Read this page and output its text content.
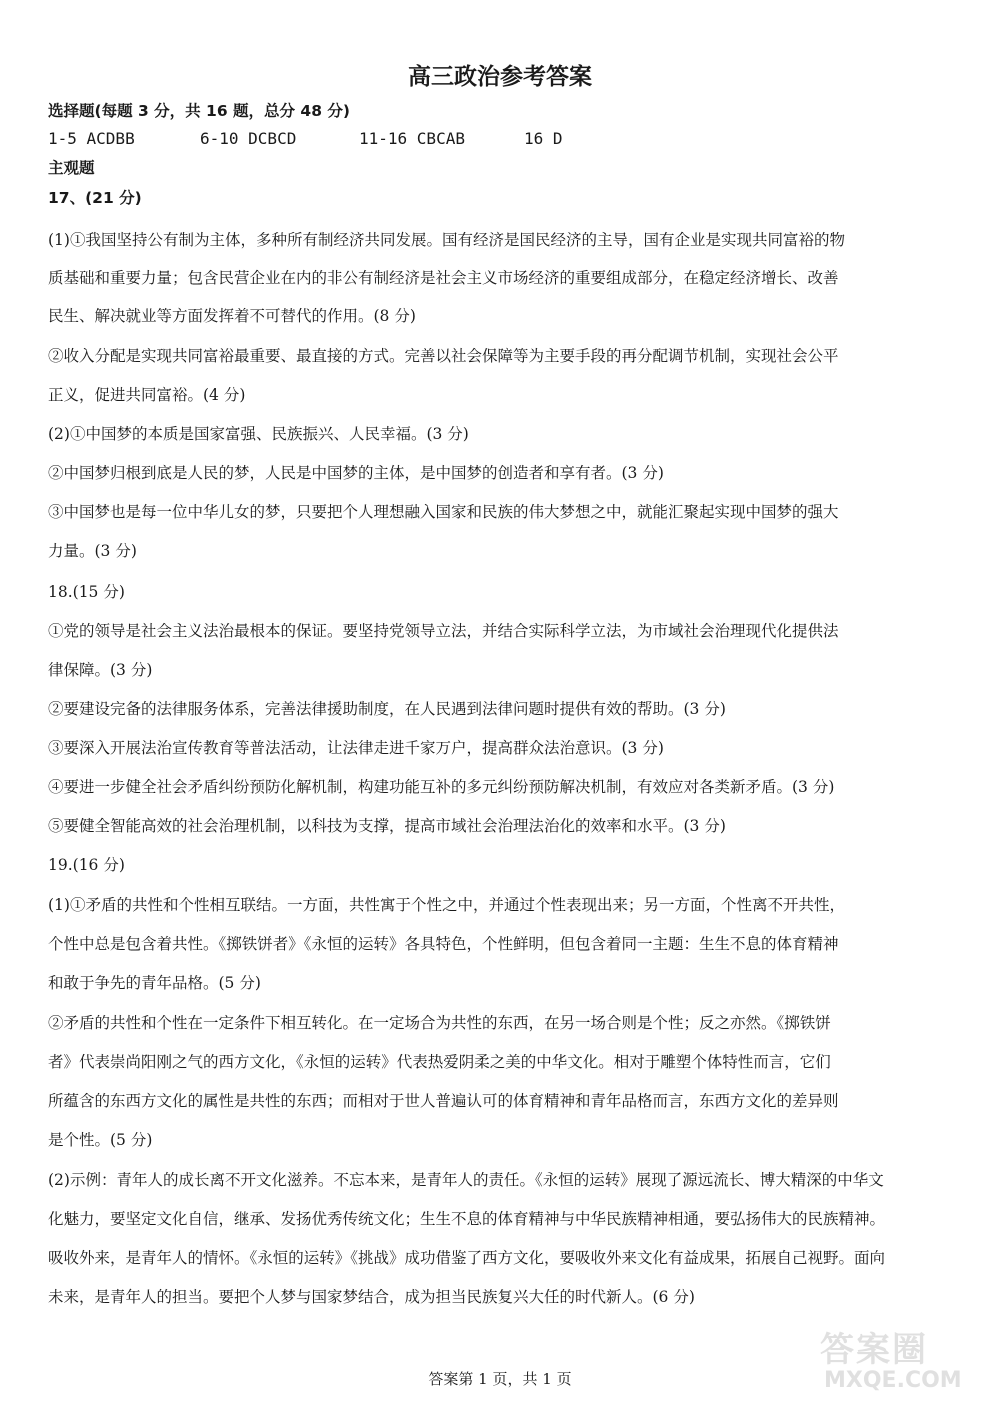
高三政治参考答案
选择题(每题 3 分，共 16 题，总分 48 分)
1-5 ACDBB	6-10 DCBCD	11-16 CBCAB	16 D
主观题
17、(21 分)
(1)①我国坚持公有制为主体，多种所有制经济共同发展。国有经济是国民经济的主导，国有企业是实现共同富裕的物
质基础和重要力量；包含民营企业在内的非公有制经济是社会主义市场经济的重要组成部分，在稳定经济增长、改善
民生、解决就业等方面发挥着不可替代的作用。(8 分)
②收入分配是实现共同富裕最重要、最直接的方式。完善以社会保障等为主要手段的再分配调节机制，实现社会公平
正义，促进共同富裕。(4 分)
(2)①中国梦的本质是国家富强、民族振兴、人民幸福。(3 分)
②中国梦归根到底是人民的梦，人民是中国梦的主体，是中国梦的创造者和享有者。(3 分)
③中国梦也是每一位中华儿女的梦，只要把个人理想融入国家和民族的伟大梦想之中，就能汇聚起实现中国梦的强大
力量。(3 分)
18.(15 分)
①党的领导是社会主义法治最根本的保证。要坚持党领导立法，并结合实际科学立法，为市域社会治理现代化提供法
律保障。(3 分)
②要建设完备的法律服务体系，完善法律援助制度，在人民遇到法律问题时提供有效的帮助。(3 分)
③要深入开展法治宣传教育等普法活动，让法律走进千家万户，提高群众法治意识。(3 分)
④要进一步健全社会矛盾纠纷预防化解机制，构建功能互补的多元纠纷预防解决机制，有效应对各类新矛盾。(3 分)
⑤要健全智能高效的社会治理机制，以科技为支撑，提高市域社会治理法治化的效率和水平。(3 分)
19.(16 分)
(1)①矛盾的共性和个性相互联结。一方面，共性寓于个性之中，并通过个性表现出来；另一方面，个性离不开共性，
个性中总是包含着共性。《掷铁饼者》《永恒的运转》各具特色，个性鲜明，但包含着同一主题：生生不息的体育精神
和敢于争先的青年品格。(5 分)
②矛盾的共性和个性在一定条件下相互转化。在一定场合为共性的东西，在另一场合则是个性；反之亦然。《掷铁饼
者》代表崇尚阳刚之气的西方文化，《永恒的运转》代表热爱阴柔之美的中华文化。相对于雕塑个体特性而言，它们
所蕴含的东西方文化的属性是共性的东西；而相对于世人普遍认可的体育精神和青年品格而言，东西方文化的差异则
是个性。(5 分)
(2)示例：青年人的成长离不开文化滋养。不忘本来，是青年人的责任。《永恒的运转》展现了源远流长、博大精深的中华文
化魅力，要坚定文化自信，继承、发扬优秀传统文化；生生不息的体育精神与中华民族精神相通，要弘扬伟大的民族精神。
吸收外来，是青年人的情怀。《永恒的运转》《挑战》成功借鉴了西方文化，要吸收外来文化有益成果，拓展自己视野。面向
未来，是青年人的担当。要把个人梦与国家梦结合，成为担当民族复兴大任的时代新人。(6 分)
答案第 1 页，共 1 页
答案圈
MXQE.COM
